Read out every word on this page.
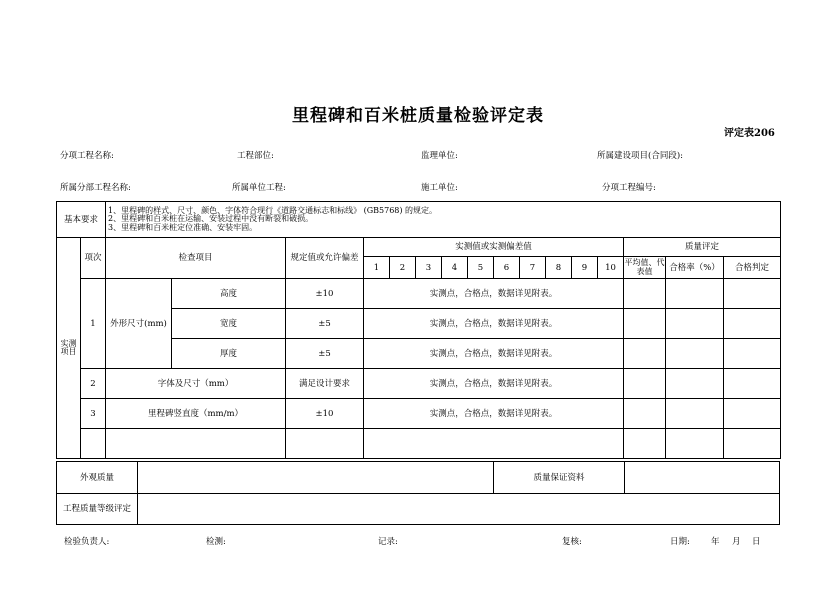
里程碑和百米桩质量检验评定表
评定表206
分项工程名称:	工程部位:	监理单位:	所属建设项目(合同段):
所属分部工程名称:	所属单位工程:	施工单位:	分项工程编号:
基本要求		1、里程碑的样式、尺寸、颜色、字体符合现行《道路交通标志和标线》 (GB5768) 的规定。
2、里程碑和百米桩在运输、安装过程中没有断裂和破损。
3、里程碑和百米桩定位准确、安装牢固。															

实测项目	项次	检查项目		规定值或允许偏差	实测值或实测偏差值										质量评定		
					1	2	3	4	5	6	7	8	9	10	平均值、代表值	合格率（%）	合格判定
	1	外形尺寸(mm)	高度	±10	实测点，合格点，数据详见附表。												
			宽度	±5	实测点，合格点，数据详见附表。												
			厚度	±5	实测点，合格点，数据详见附表。												
	2	字体及尺寸（mm）		满足设计要求	实测点，合格点，数据详见附表。												
	3	里程碑竖直度（mm/m）		±10	实测点，合格点，数据详见附表。												

外观质量		质量保证资料	
工程质量等级评定			
检验负责人:	检测:	记录:	复核:	日期: 年 月 日
